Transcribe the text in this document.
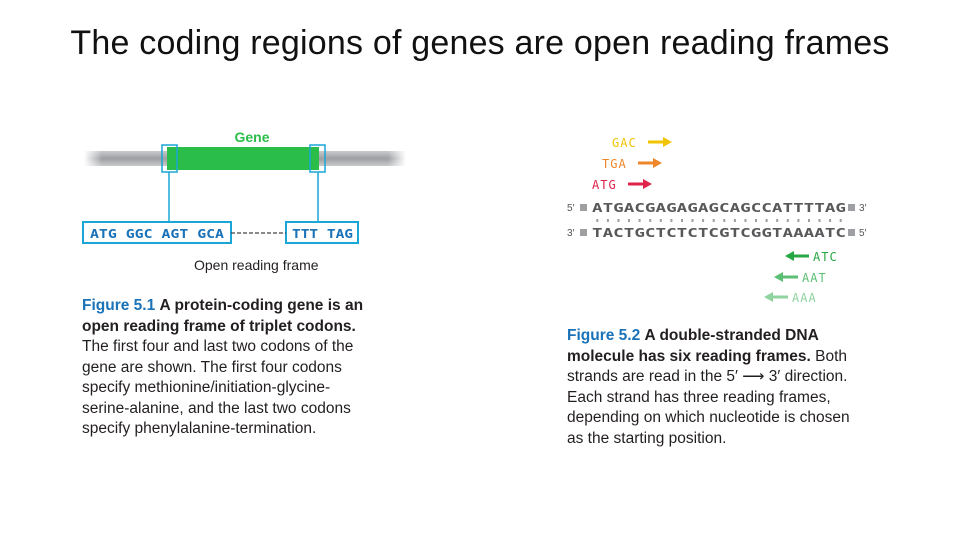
The coding regions of genes are open reading frames
Gene
ATG GGC AGT GCA	TTT TAG
Open reading frame
Figure 5.1 A protein-coding gene is an
open reading frame of triplet codons.
The first four and last two codons of the
gene are shown. The first four codons
specify methionine/initiation-glycine-
serine-alanine, and the last two codons
specify phenylalanine-termination.
GAC
TGA
ATG
5′ ATGACGAGAGAGCAGCCATTTTAG 3′
3′ TACTGCTCTCTCGTCGGTAAAATC 5′
ATC
AAT
AAA
Figure 5.2 A double-stranded DNA
molecule has six reading frames. Both
strands are read in the 5′ ⟶ 3′ direction.
Each strand has three reading frames,
depending on which nucleotide is chosen
as the starting position.
